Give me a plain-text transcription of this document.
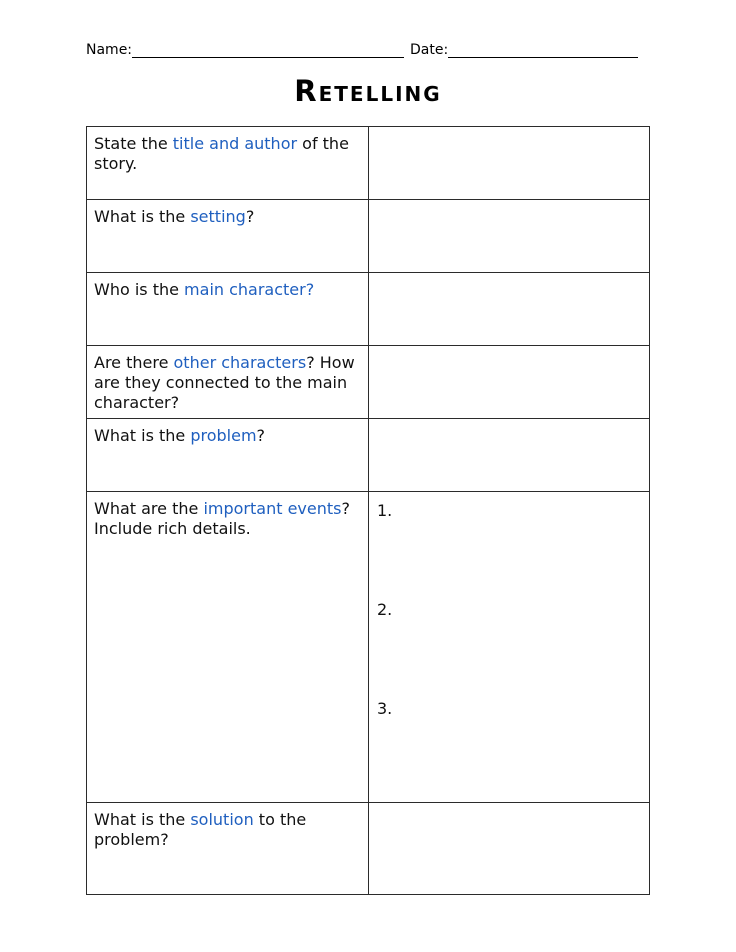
Name:	Date:
Retelling
State the title and author of the story.
What is the setting?
Who is the main character?
Are there other characters? How are they connected to the main character?
What is the problem?
What are the important events? Include rich details.
1.
2.
3.
What is the solution to the problem?
